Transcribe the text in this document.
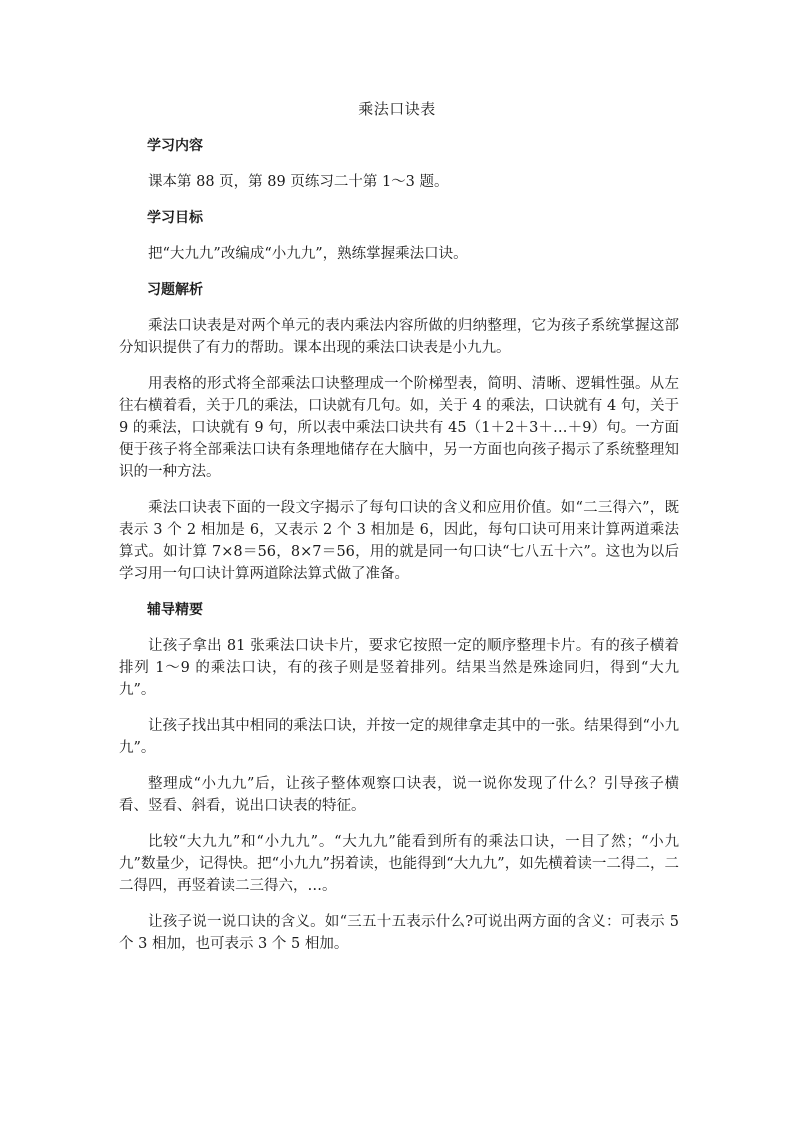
乘法口诀表
学习内容

课本第 88 页，第 89 页练习二十第 1～3 题。

学习目标

把“大九九”改编成“小九九”，熟练掌握乘法口诀。

习题解析

乘法口诀表是对两个单元的表内乘法内容所做的归纳整理，它为孩子系统掌握这部分知识提供了有力的帮助。课本出现的乘法口诀表是小九九。

用表格的形式将全部乘法口诀整理成一个阶梯型表，简明、清晰、逻辑性强。从左往右横着看，关于几的乘法，口诀就有几句。如，关于 4 的乘法，口诀就有 4 句，关于 9 的乘法，口诀就有 9 句，所以表中乘法口诀共有 45（1＋2＋3＋…＋9）句。一方面便于孩子将全部乘法口诀有条理地储存在大脑中，另一方面也向孩子揭示了系统整理知识的一种方法。

乘法口诀表下面的一段文字揭示了每句口诀的含义和应用价值。如“二三得六”，既表示 3 个 2 相加是 6，又表示 2 个 3 相加是 6，因此，每句口诀可用来计算两道乘法算式。如计算 7×8＝56，8×7＝56，用的就是同一句口诀“七八五十六”。这也为以后学习用一句口诀计算两道除法算式做了准备。

辅导精要

让孩子拿出 81 张乘法口诀卡片，要求它按照一定的顺序整理卡片。有的孩子横着排列 1～9 的乘法口诀，有的孩子则是竖着排列。结果当然是殊途同归，得到“大九九”。

让孩子找出其中相同的乘法口诀，并按一定的规律拿走其中的一张。结果得到“小九九”。

整理成“小九九”后，让孩子整体观察口诀表，说一说你发现了什么？引导孩子横看、竖看、斜看，说出口诀表的特征。

比较“大九九”和“小九九”。“大九九”能看到所有的乘法口诀，一目了然；“小九九”数量少，记得快。把“小九九”拐着读，也能得到“大九九”，如先横着读一二得二，二二得四，再竖着读二三得六，…。

让孩子说一说口诀的含义。如“三五十五表示什么?可说出两方面的含义：可表示 5 个 3 相加，也可表示 3 个 5 相加。
